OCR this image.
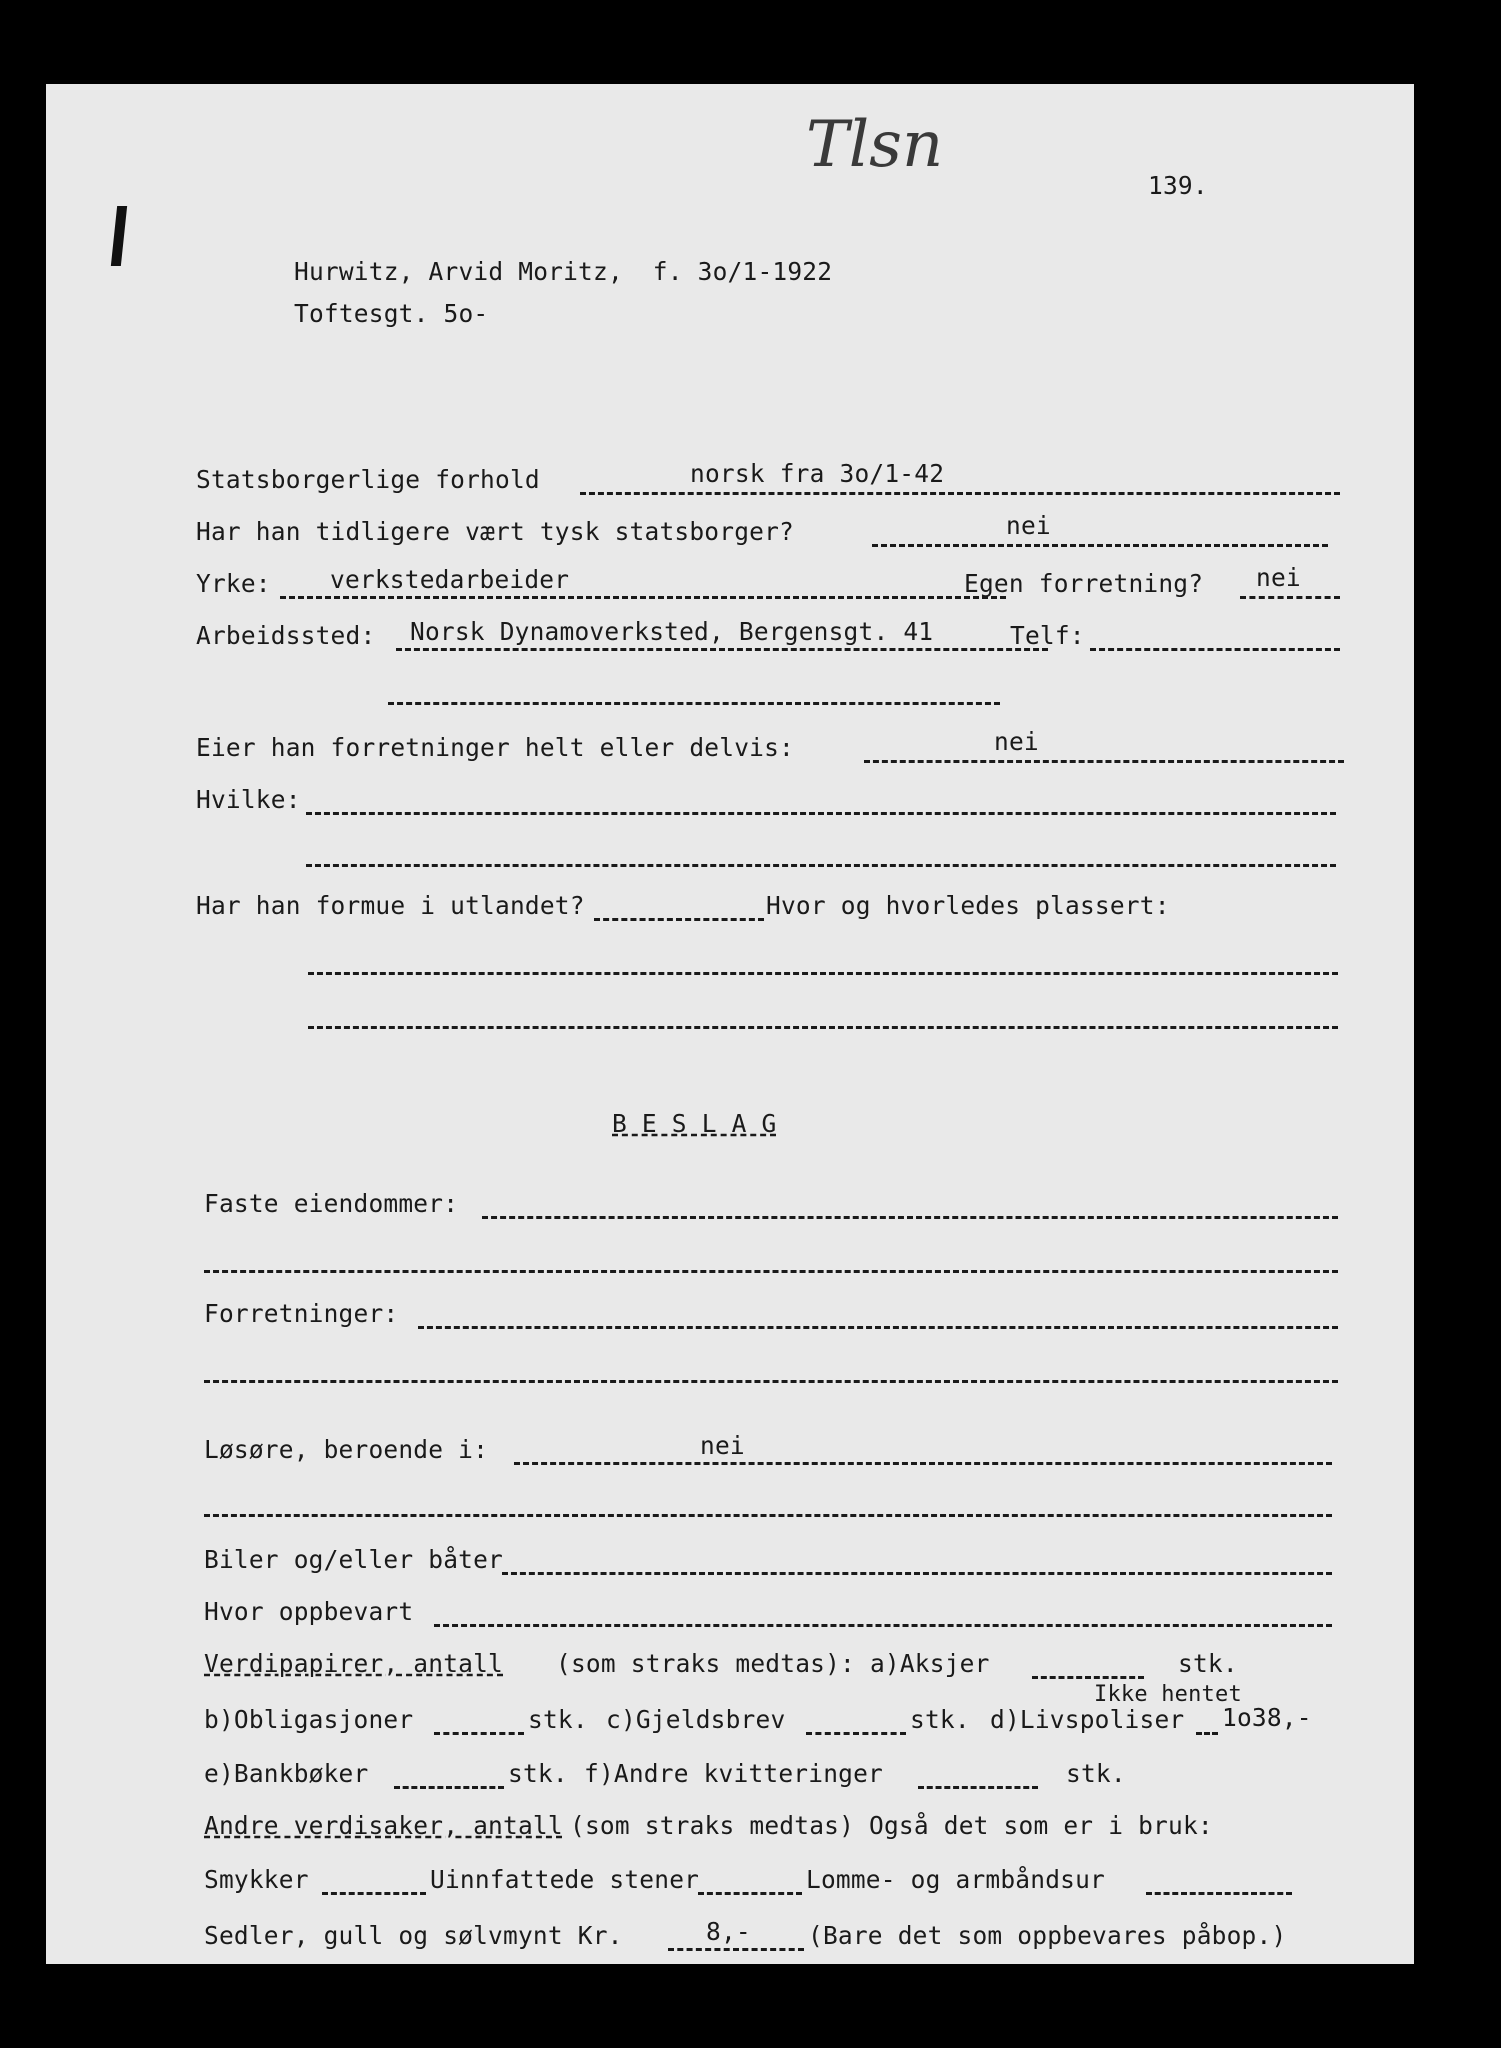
Tlsn
139.
Hurwitz, Arvid Moritz,  f. 3o/1-1922
Toftesgt. 5o-
Statsborgerlige forhold	norsk fra 3o/1-42
Har han tidligere vært tysk statsborger?	nei
Yrke: verkstedarbeider	Egen forretning? nei
Arbeidssted: Norsk Dynamoverksted, Bergensgt. 41	Telf:
Eier han forretninger helt eller delvis:	nei
Hvilke:
Har han formue i utlandet?	Hvor og hvorledes plassert:
B E S L A G
Faste eiendommer:
Forretninger:
Løsøre, beroende i:	nei
Biler og/eller båter
Hvor oppbevart
Verdipapirer, antall (som straks medtas): a)Aksjer	stk.
Ikke hentet
b)Obligasjoner	stk. c)Gjeldsbrev	stk. d)Livspoliser 1o38,-
e)Bankbøker	stk. f)Andre kvitteringer	stk.
Andre verdisaker, antall (som straks medtas) Også det som er i bruk:
Smykker	Uinnfattede stener	Lomme- og armbåndsur
Sedler, gull og sølvmynt Kr.	8,- (Bare det som oppbevares påbop.)
